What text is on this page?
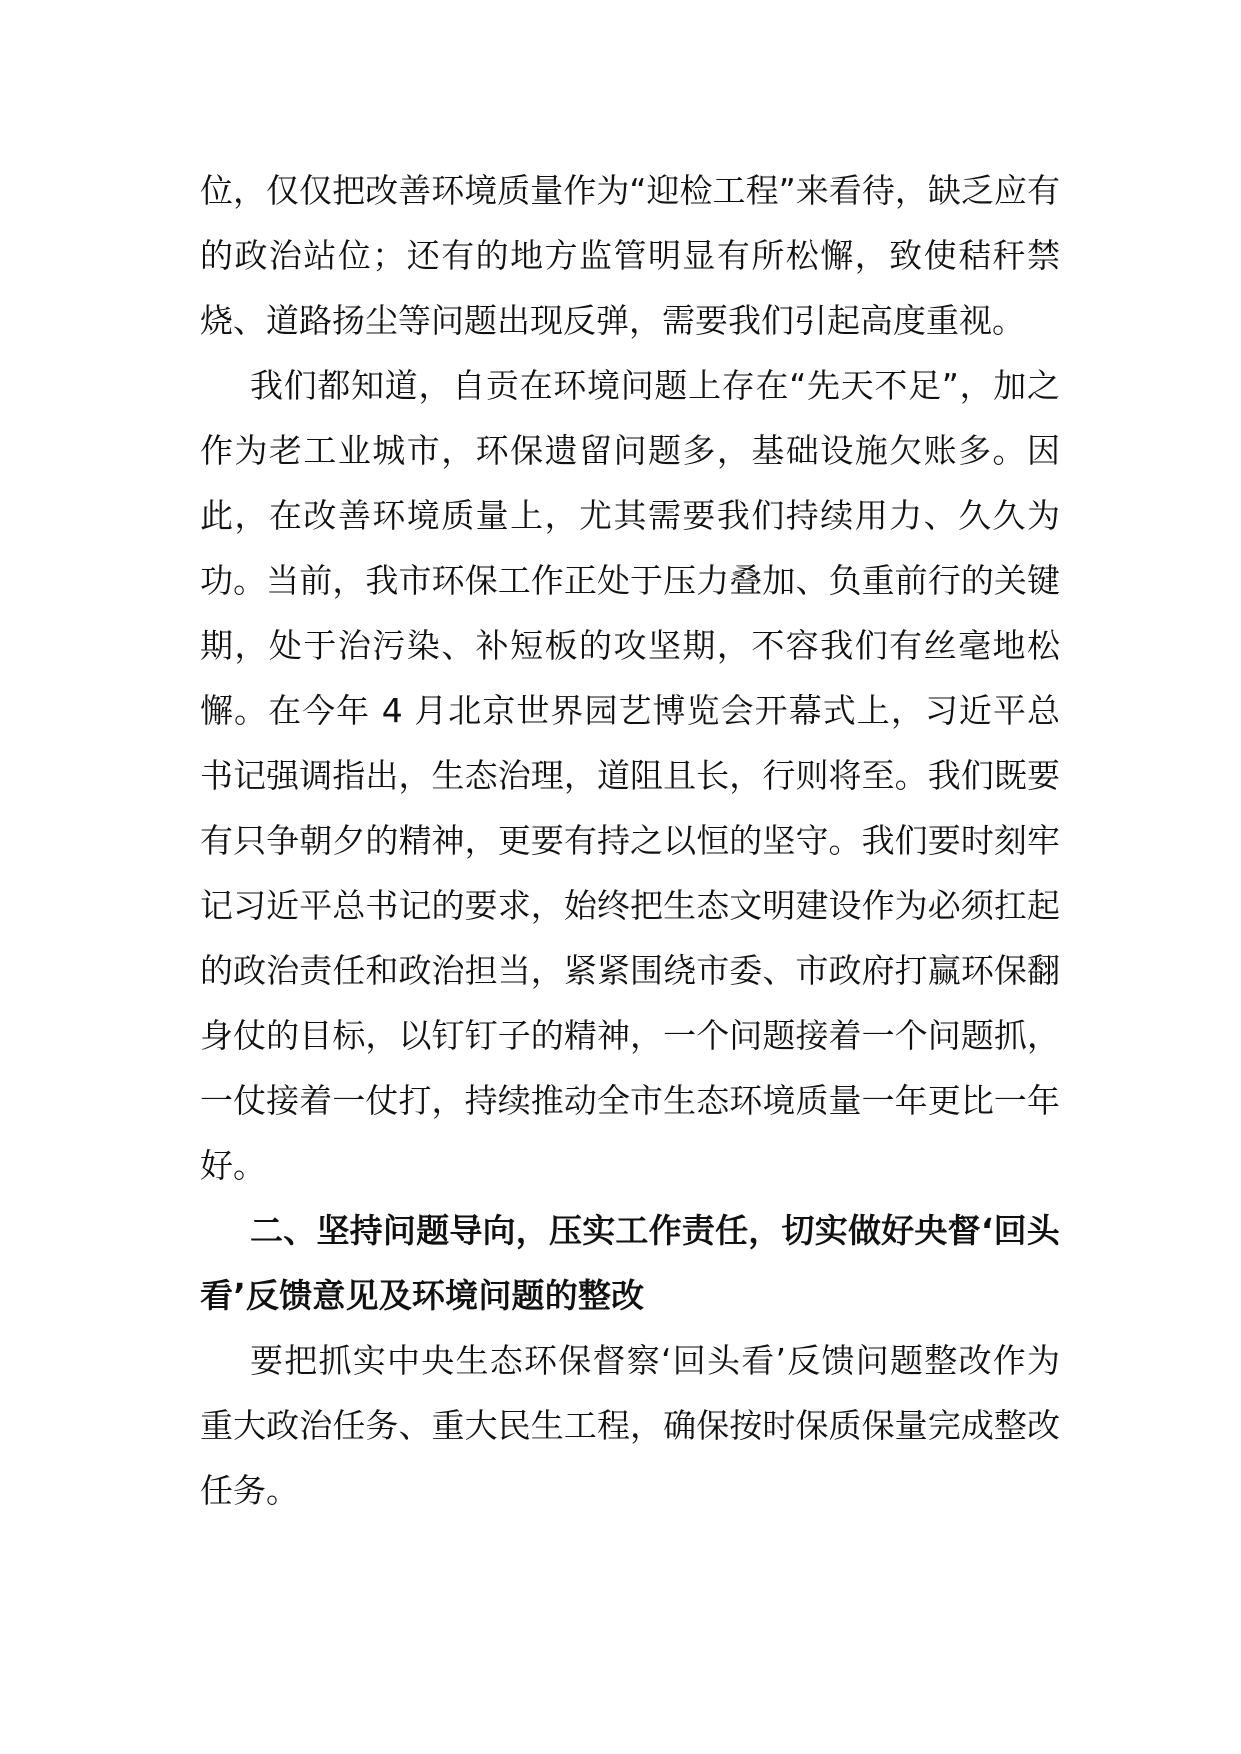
位，仅仅把改善环境质量作为“迎检工程”来看待，缺乏应有的政治站位；还有的地方监管明显有所松懈，致使秸秆禁烧、道路扬尘等问题出现反弹，需要我们引起高度重视。

我们都知道，自贡在环境问题上存在“先天不足”，加之作为老工业城市，环保遗留问题多，基础设施欠账多。因此，在改善环境质量上，尤其需要我们持续用力、久久为功。当前，我市环保工作正处于压力叠加、负重前行的关键期，处于治污染、补短板的攻坚期，不容我们有丝毫地松懈。在今年 4 月北京世界园艺博览会开幕式上，习近平总书记强调指出，生态治理，道阻且长，行则将至。我们既要有只争朝夕的精神，更要有持之以恒的坚守。我们要时刻牢记习近平总书记的要求，始终把生态文明建设作为必须扛起的政治责任和政治担当，紧紧围绕市委、市政府打赢环保翻身仗的目标，以钉钉子的精神，一个问题接着一个问题抓，一仗接着一仗打，持续推动全市生态环境质量一年更比一年好。

二、坚持问题导向，压实工作责任，切实做好央督‘回头看’反馈意见及环境问题的整改

要把抓实中央生态环保督察‘回头看’反馈问题整改作为重大政治任务、重大民生工程，确保按时保质保量完成整改任务。
